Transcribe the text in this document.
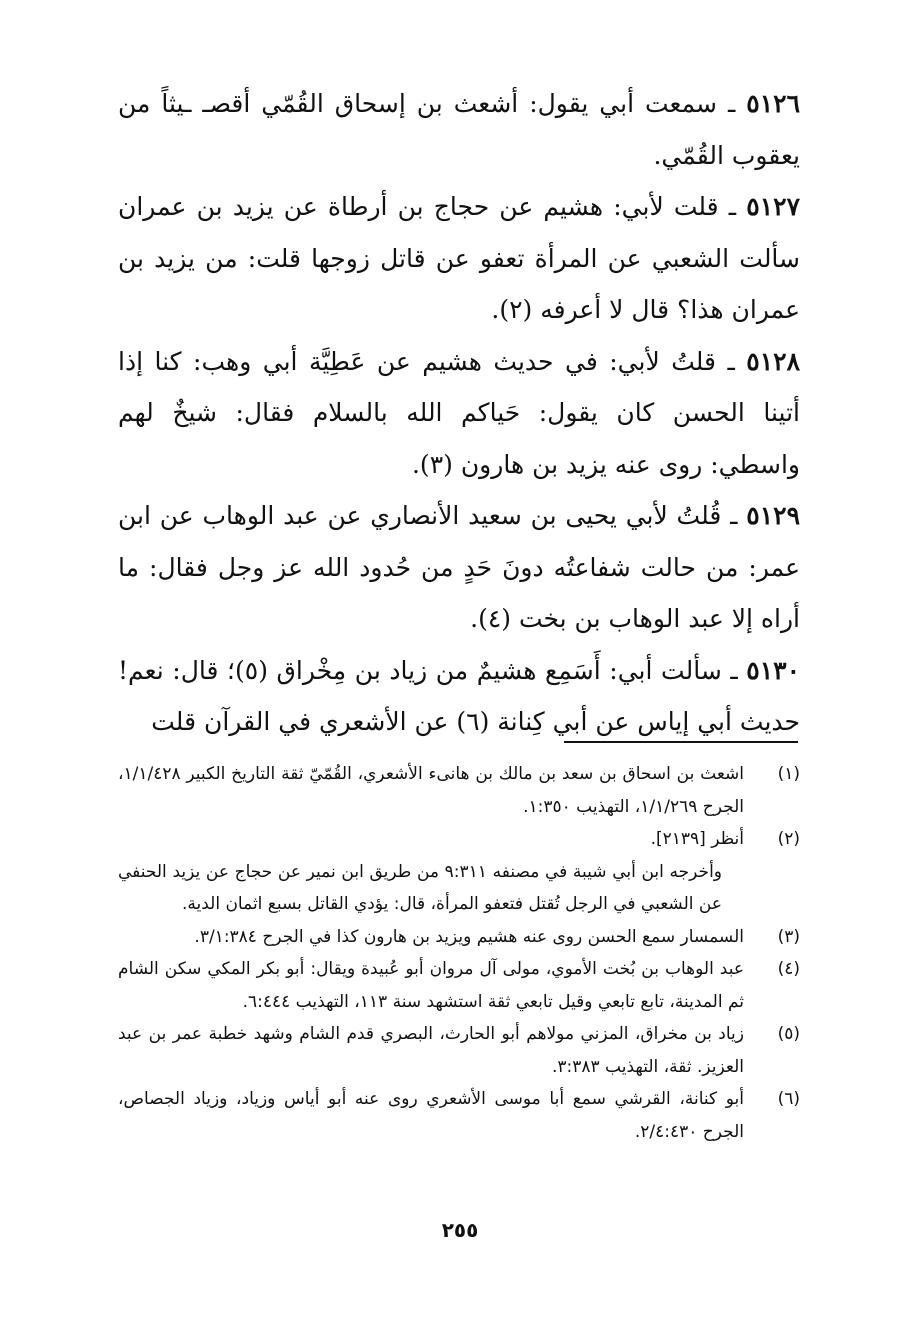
٥١٢٦ ـ سمعت أبي يقول: أشعث بن إسحاق القُمّي أقصـ ـيثاً من يعقوب القُمّي.

٥١٢٧ ـ قلت لأبي: هشيم عن حجاج بن أرطاة عن يزيد بن عمران سألت الشعبي عن المرأة تعفو عن قاتل زوجها قلت: من يزيد بن عمران هذا؟ قال لا أعرفه (٢).

٥١٢٨ ـ قلتُ لأبي: في حديث هشيم عن عَطِيَّة أبي وهب: كنا إذا أتينا الحسن كان يقول: حَياكم الله بالسلام فقال: شيخٌ لهم واسطي: روى عنه يزيد بن هارون (٣).

٥١٢٩ ـ قُلتُ لأبي يحيى بن سعيد الأنصاري عن عبد الوهاب عن ابن عمر: من حالت شفاعتُه دونَ حَدٍ من حُدود الله عز وجل فقال: ما أراه إلا عبد الوهاب بن بخت (٤).

٥١٣٠ ـ سألت أبي: أَسَمِع هشيمٌ من زياد بن مِخْراق (٥)؛ قال: نعم! حديث أبي إياس عن أبي كِنانة (٦) عن الأشعري في القرآن قلت

(١)
اشعث بن اسحاق بن سعد بن مالك بن هانىء الأشعري، القُمّيّ ثقة التاريخ الكبير ١/١/٤٢٨، الجرح ١/١/٢٦٩، التهذيب ١:٣٥٠.
(٢)
أنظر [٢١٣٩].
وأخرجه ابن أبي شيبة في مصنفه ٩:٣١١ من طريق ابن نمير عن حجاج عن يزيد الحنفي عن الشعبي في الرجل تُقتل فتعفو المرأة، قال: يؤدي القاتل بسبع اثمان الدية.
(٣)
السمسار سمع الحسن روى عنه هشيم ويزيد بن هارون كذا في الجرح ٣/١:٣٨٤.
(٤)
عبد الوهاب بن بُخت الأموي، مولى آل مروان أبو عُبيدة ويقال: أبو بكر المكي سكن الشام ثم المدينة، تابع تابعي وقيل تابعي ثقة استشهد سنة ١١٣، التهذيب ٦:٤٤٤.
(٥)
زياد بن مخراق، المزني مولاهم أبو الحارث، البصري قدم الشام وشهد خطبة عمر بن عبد العزيز. ثقة، التهذيب ٣:٣٨٣.
(٦)
أبو كنانة، القرشي سمع أبا موسى الأشعري روى عنه أبو أياس وزياد، وزياد الجصاص، الجرح ٢/٤:٤٣٠.
٢٥٥
